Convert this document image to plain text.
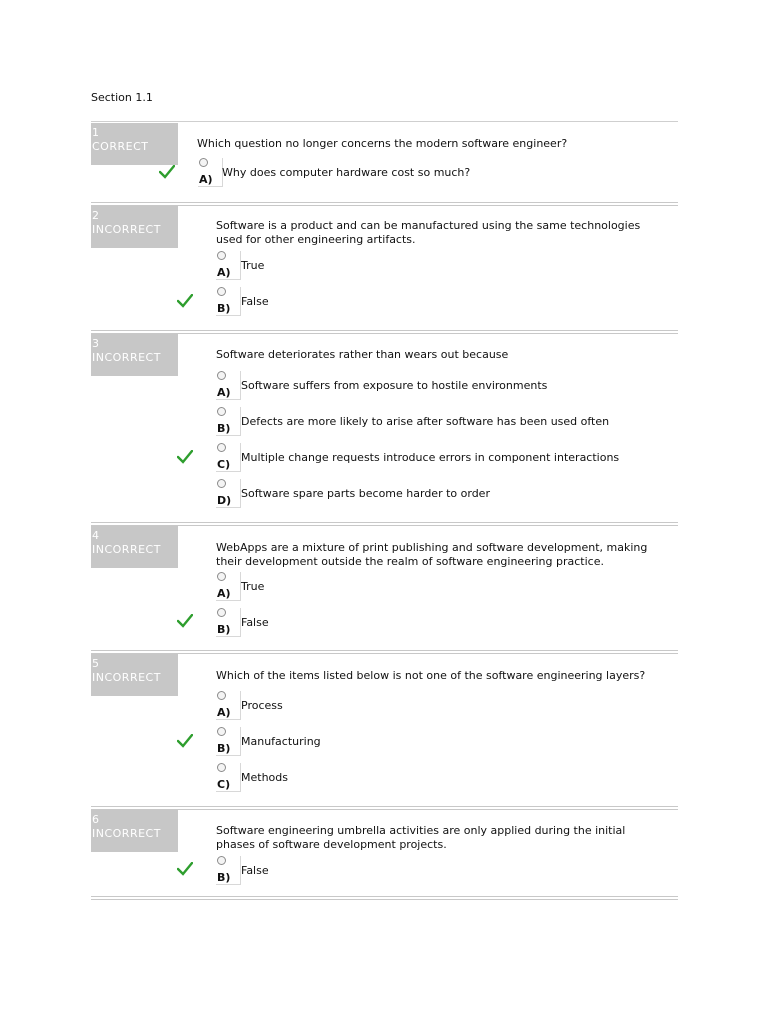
Section 1.1
1
CORRECT	Which question no longer concerns the modern software engineer?
A)
Why does computer hardware cost so much?
2
INCORRECT	Software is a product and can be manufactured using the same technologies used for other engineering artifacts.
A)
True
B)
False
3
INCORRECT	Software deteriorates rather than wears out because
A)
Software suffers from exposure to hostile environments
B)
Defects are more likely to arise after software has been used often
C)
Multiple change requests introduce errors in component interactions
D)
Software spare parts become harder to order
4
INCORRECT	WebApps are a mixture of print publishing and software development, making their development outside the realm of software engineering practice.
A)
True
B)
False
5
INCORRECT	Which of the items listed below is not one of the software engineering layers?
A)
Process
B)
Manufacturing
C)
Methods
6
INCORRECT	Software engineering umbrella activities are only applied during the initial phases of software development projects.
B)
False
